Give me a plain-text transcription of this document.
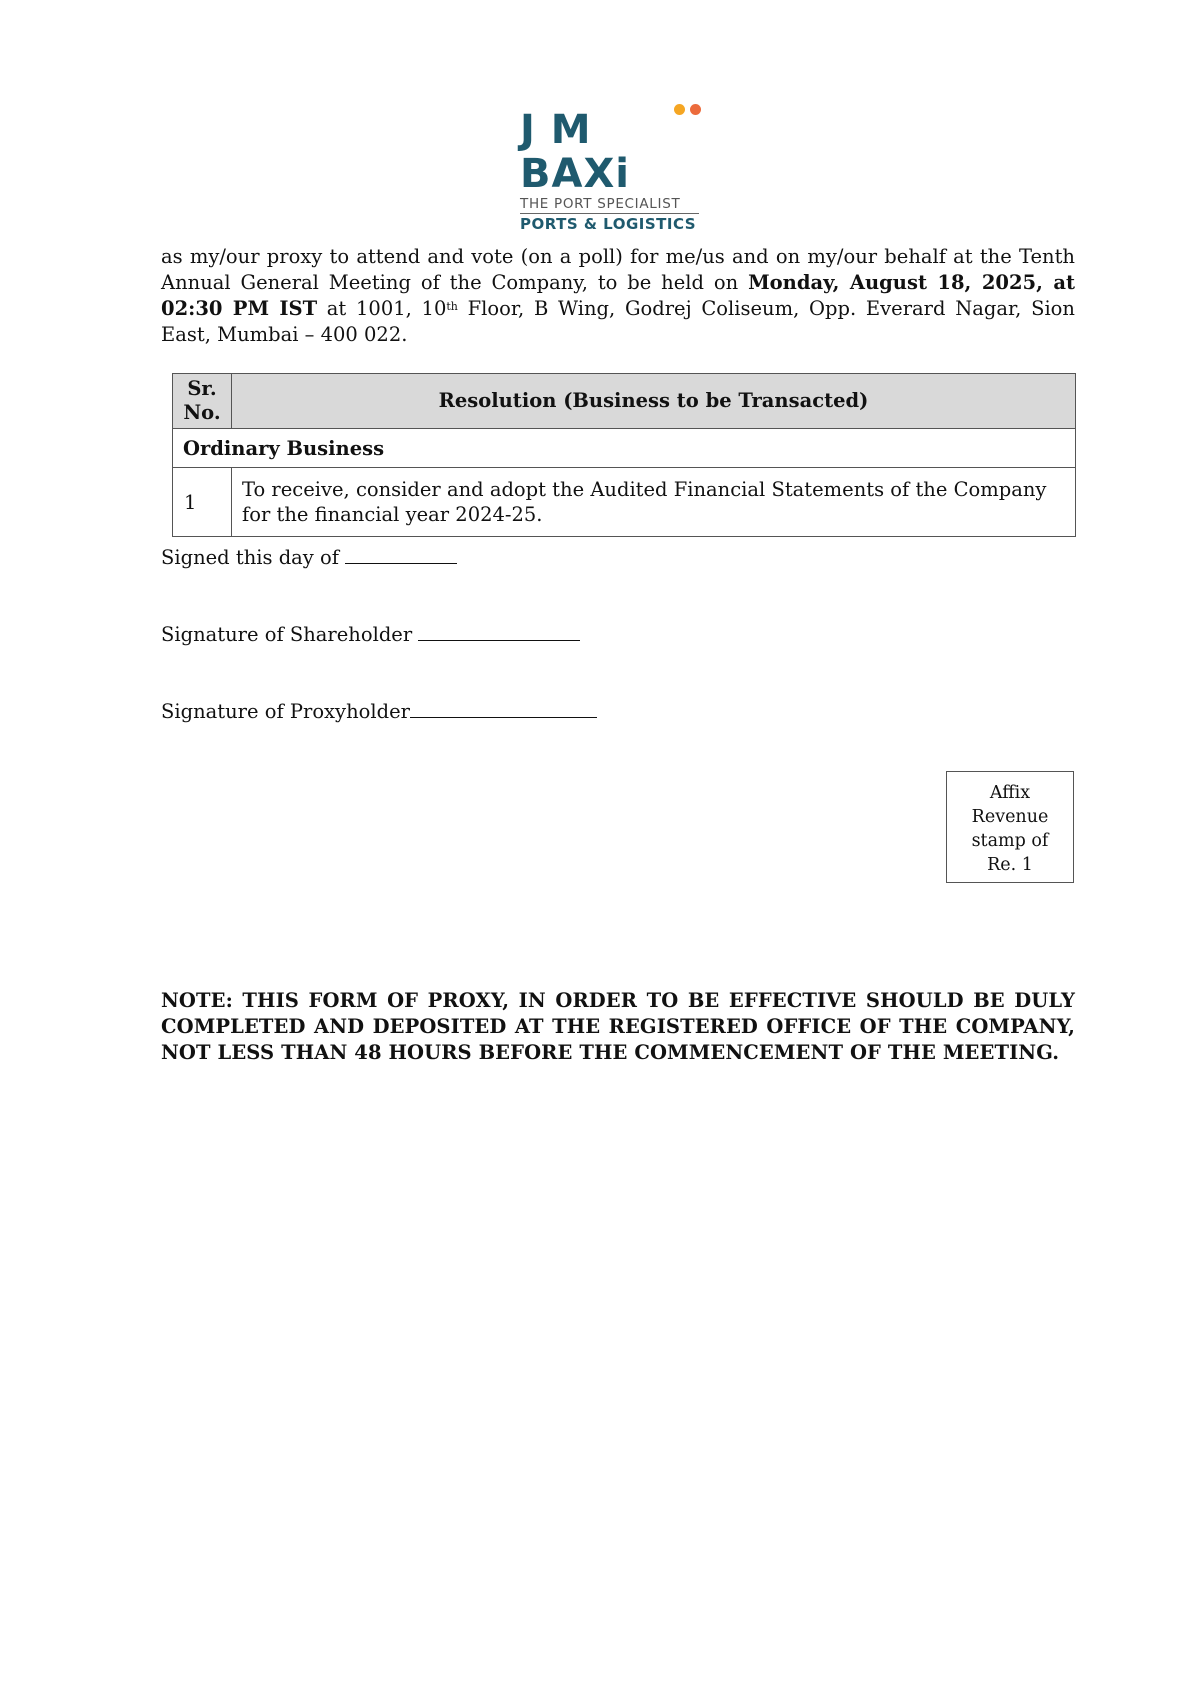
J M BAXi
THE PORT SPECIALIST
PORTS & LOGISTICS
as my/our proxy to attend and vote (on a poll) for me/us and on my/our behalf at the Tenth Annual General Meeting of the Company, to be held on Monday, August 18, 2025, at 02:30 PM IST at 1001, 10th Floor, B Wing, Godrej Coliseum, Opp. Everard Nagar, Sion East, Mumbai – 400 022.
Sr. No.	Resolution (Business to be Transacted)
Ordinary Business	
1	To receive, consider and adopt the Audited Financial Statements of the Company for the financial year 2024-25.
Signed this day of
Signature of Shareholder
Signature of Proxyholder
Affix
Revenue
stamp of
Re. 1
NOTE: THIS FORM OF PROXY, IN ORDER TO BE EFFECTIVE SHOULD BE DULY COMPLETED AND DEPOSITED AT THE REGISTERED OFFICE OF THE COMPANY, NOT LESS THAN 48 HOURS BEFORE THE COMMENCEMENT OF THE MEETING.
